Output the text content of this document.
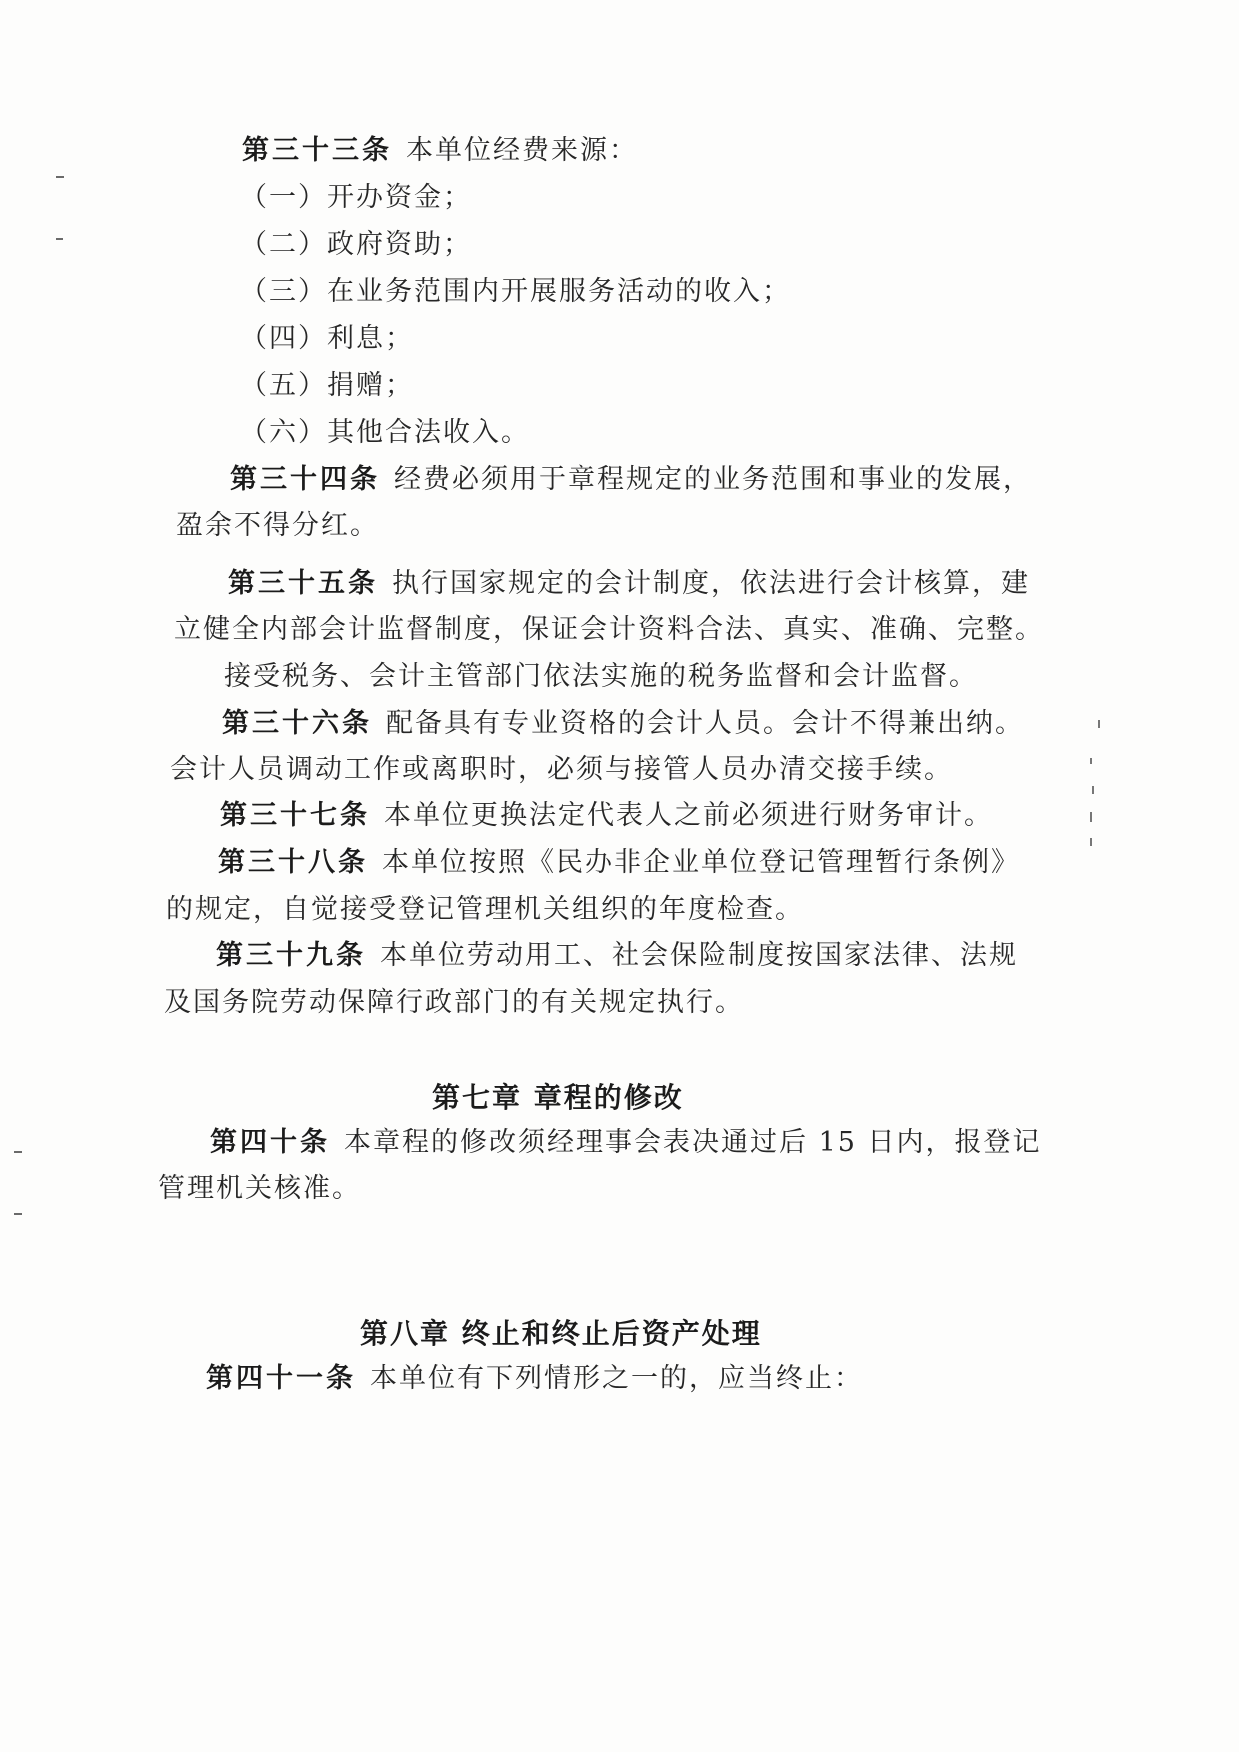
第三十三条 本单位经费来源：
（一）开办资金；
（二）政府资助；
（三）在业务范围内开展服务活动的收入；
（四）利息；
（五）捐赠；
（六）其他合法收入。
第三十四条 经费必须用于章程规定的业务范围和事业的发展，
盈余不得分红。
第三十五条 执行国家规定的会计制度，依法进行会计核算，建
立健全内部会计监督制度，保证会计资料合法、真实、准确、完整。
接受税务、会计主管部门依法实施的税务监督和会计监督。
第三十六条 配备具有专业资格的会计人员。会计不得兼出纳。
会计人员调动工作或离职时，必须与接管人员办清交接手续。
第三十七条 本单位更换法定代表人之前必须进行财务审计。
第三十八条 本单位按照《民办非企业单位登记管理暂行条例》
的规定，自觉接受登记管理机关组织的年度检查。
第三十九条 本单位劳动用工、社会保险制度按国家法律、法规
及国务院劳动保障行政部门的有关规定执行。
第七章 章程的修改
第四十条 本章程的修改须经理事会表决通过后 15 日内，报登记
管理机关核准。
第八章 终止和终止后资产处理
第四十一条 本单位有下列情形之一的，应当终止：
